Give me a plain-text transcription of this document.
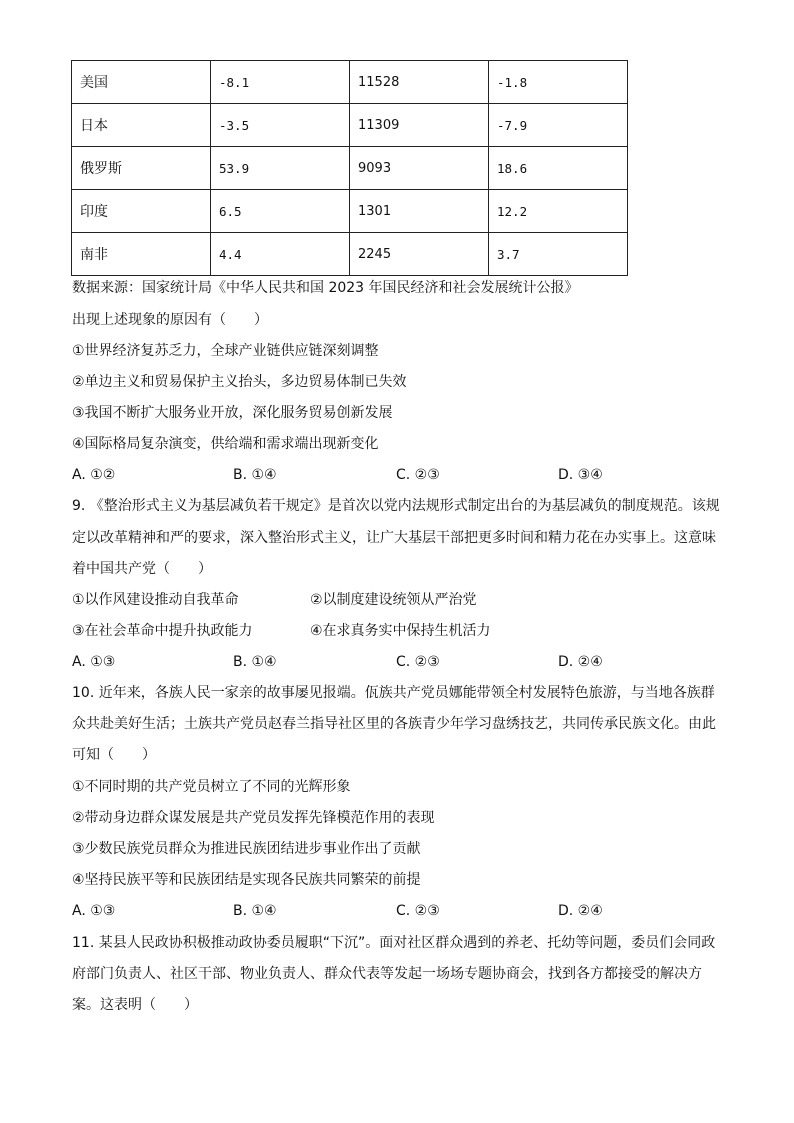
美国	-8.1	11528	-1.8
日本	-3.5	11309	-7.9
俄罗斯	53.9	9093	18.6
印度	6.5	1301	12.2
南非	4.4	2245	3.7
数据来源：国家统计局《中华人民共和国 2023 年国民经济和社会发展统计公报》
出现上述现象的原因有（　　）
①世界经济复苏乏力，全球产业链供应链深刻调整
②单边主义和贸易保护主义抬头，多边贸易体制已失效
③我国不断扩大服务业开放，深化服务贸易创新发展
④国际格局复杂演变，供给端和需求端出现新变化
A. ①②	B. ①④	C. ②③	D. ③④
9. 《整治形式主义为基层减负若干规定》是首次以党内法规形式制定出台的为基层减负的制度规范。该规
定以改革精神和严的要求，深入整治形式主义，让广大基层干部把更多时间和精力花在办实事上。这意味
着中国共产党（　　）
①以作风建设推动自我革命	②以制度建设统领从严治党
③在社会革命中提升执政能力	④在求真务实中保持生机活力
A. ①③	B. ①④	C. ②③	D. ②④
10. 近年来，各族人民一家亲的故事屡见报端。佤族共产党员娜能带领全村发展特色旅游，与当地各族群
众共赴美好生活；土族共产党员赵春兰指导社区里的各族青少年学习盘绣技艺，共同传承民族文化。由此
可知（　　）
①不同时期的共产党员树立了不同的光辉形象
②带动身边群众谋发展是共产党员发挥先锋模范作用的表现
③少数民族党员群众为推进民族团结进步事业作出了贡献
④坚持民族平等和民族团结是实现各民族共同繁荣的前提
A. ①③	B. ①④	C. ②③	D. ②④
11. 某县人民政协积极推动政协委员履职“下沉”。面对社区群众遇到的养老、托幼等问题，委员们会同政
府部门负责人、社区干部、物业负责人、群众代表等发起一场场专题协商会，找到各方都接受的解决方
案。这表明（　　）
